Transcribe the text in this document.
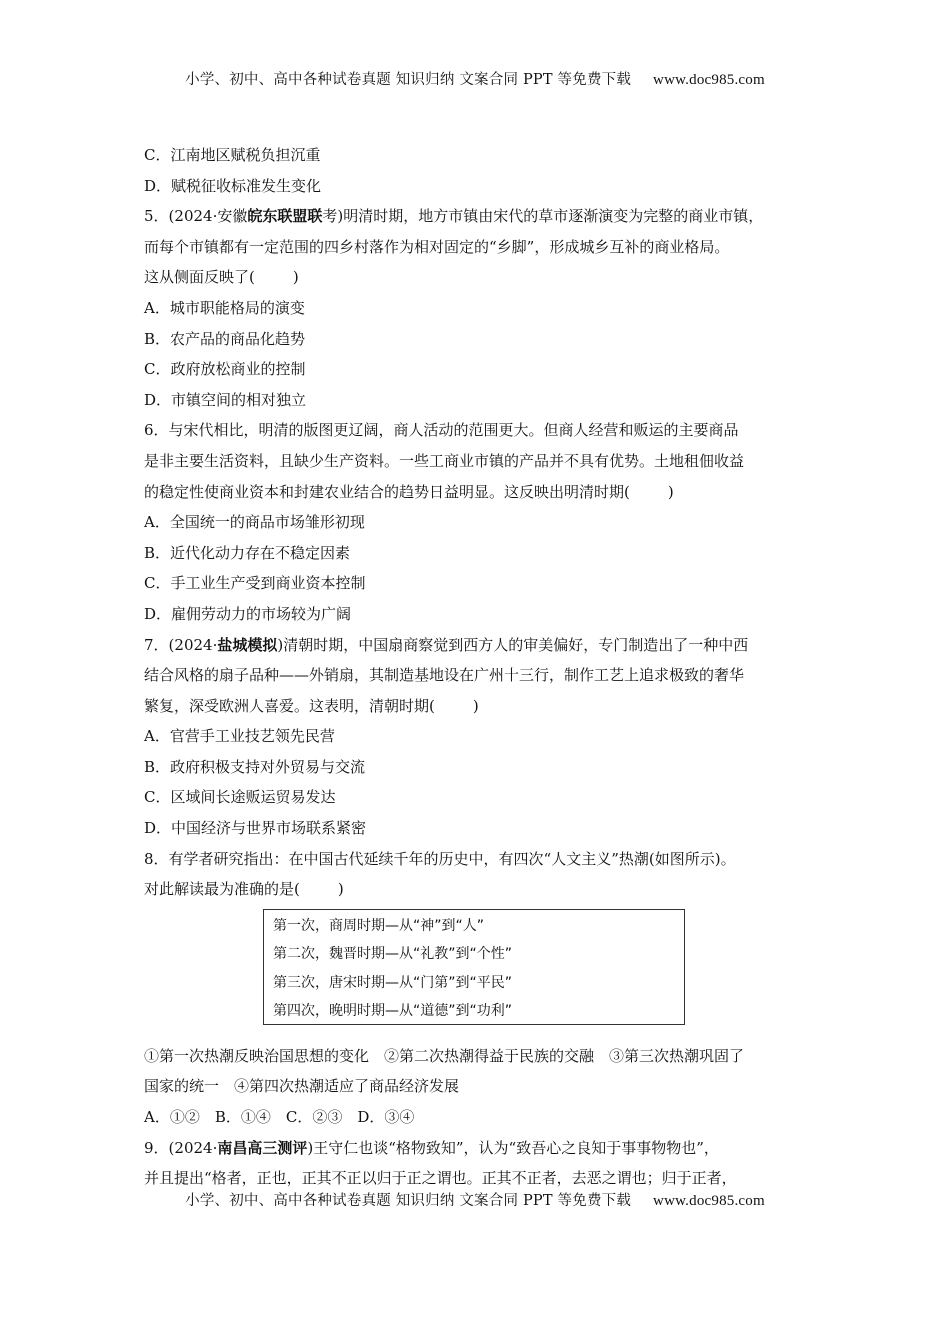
小学、初中、高中各种试卷真题 知识归纳 文案合同 PPT 等免费下载 www.doc985.com
C．江南地区赋税负担沉重
D．赋税征收标准发生变化
5．(2024·安徽皖东联盟联考)明清时期，地方市镇由宋代的草市逐渐演变为完整的商业市镇，
而每个市镇都有一定范围的四乡村落作为相对固定的“乡脚”，形成城乡互补的商业格局。
这从侧面反映了(	)
A．城市职能格局的演变
B．农产品的商品化趋势
C．政府放松商业的控制
D．市镇空间的相对独立
6．与宋代相比，明清的版图更辽阔，商人活动的范围更大。但商人经营和贩运的主要商品
是非主要生活资料，且缺少生产资料。一些工商业市镇的产品并不具有优势。土地租佃收益
的稳定性使商业资本和封建农业结合的趋势日益明显。这反映出明清时期(	)
A．全国统一的商品市场雏形初现
B．近代化动力存在不稳定因素
C．手工业生产受到商业资本控制
D．雇佣劳动力的市场较为广阔
7．(2024·盐城模拟)清朝时期，中国扇商察觉到西方人的审美偏好，专门制造出了一种中西
结合风格的扇子品种——外销扇，其制造基地设在广州十三行，制作工艺上追求极致的奢华
繁复，深受欧洲人喜爱。这表明，清朝时期(	)
A．官营手工业技艺领先民营
B．政府积极支持对外贸易与交流
C．区域间长途贩运贸易发达
D．中国经济与世界市场联系紧密
8．有学者研究指出：在中国古代延续千年的历史中，有四次“人文主义”热潮(如图所示)。
对此解读最为准确的是(	)
第一次，商周时期—从“神”到“人”
第二次，魏晋时期—从“礼教”到“个性”
第三次，唐宋时期—从“门第”到“平民”
第四次，晚明时期—从“道德”到“功利”
①第一次热潮反映治国思想的变化　②第二次热潮得益于民族的交融　③第三次热潮巩固了
国家的统一　④第四次热潮适应了商品经济发展
A．①②　B．①④　C．②③　D．③④
9．(2024·南昌高三测评)王守仁也谈“格物致知”，认为“致吾心之良知于事事物物也”，
并且提出“格者，正也，正其不正以归于正之谓也。正其不正者，去恶之谓也；归于正者，
小学、初中、高中各种试卷真题 知识归纳 文案合同 PPT 等免费下载 www.doc985.com
